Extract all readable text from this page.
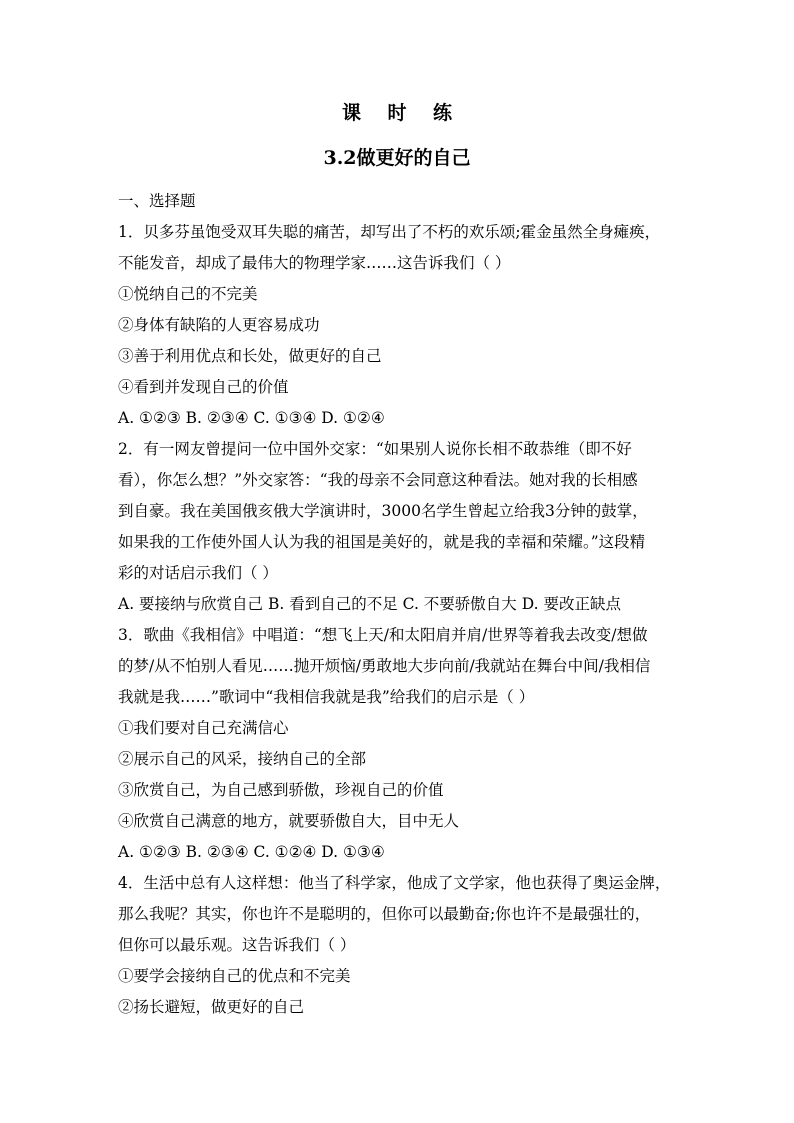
课    时    练
3.2做更好的自己
一、选择题
1．贝多芬虽饱受双耳失聪的痛苦，却写出了不朽的欢乐颂;霍金虽然全身瘫痪，
不能发音，却成了最伟大的物理学家……这告诉我们（ ）
①悦纳自己的不完美
②身体有缺陷的人更容易成功
③善于利用优点和长处，做更好的自己
④看到并发现自己的价值
A. ①②③ B. ②③④ C. ①③④ D. ①②④
2．有一网友曾提问一位中国外交家：“如果别人说你长相不敢恭维（即不好
看），你怎么想？”外交家答：“我的母亲不会同意这种看法。她对我的长相感
到自豪。我在美国俄亥俄大学演讲时，3000名学生曾起立给我3分钟的鼓掌，
如果我的工作使外国人认为我的祖国是美好的，就是我的幸福和荣耀。”这段精
彩的对话启示我们（ ）
A. 要接纳与欣赏自己 B. 看到自己的不足 C. 不要骄傲自大 D. 要改正缺点
3．歌曲《我相信》中唱道：“想飞上天/和太阳肩并肩/世界等着我去改变/想做
的梦/从不怕别人看见……抛开烦恼/勇敢地大步向前/我就站在舞台中间/我相信
我就是我……”歌词中“我相信我就是我”给我们的启示是（ ）
①我们要对自己充满信心
②展示自己的风采，接纳自己的全部
③欣赏自己，为自己感到骄傲，珍视自己的价值
④欣赏自己满意的地方，就要骄傲自大，目中无人
A. ①②③ B. ②③④ C. ①②④ D. ①③④
4．生活中总有人这样想：他当了科学家，他成了文学家，他也获得了奥运金牌，
那么我呢？其实，你也许不是聪明的，但你可以最勤奋;你也许不是最强壮的，
但你可以最乐观。这告诉我们（ ）
①要学会接纳自己的优点和不完美
②扬长避短，做更好的自己
